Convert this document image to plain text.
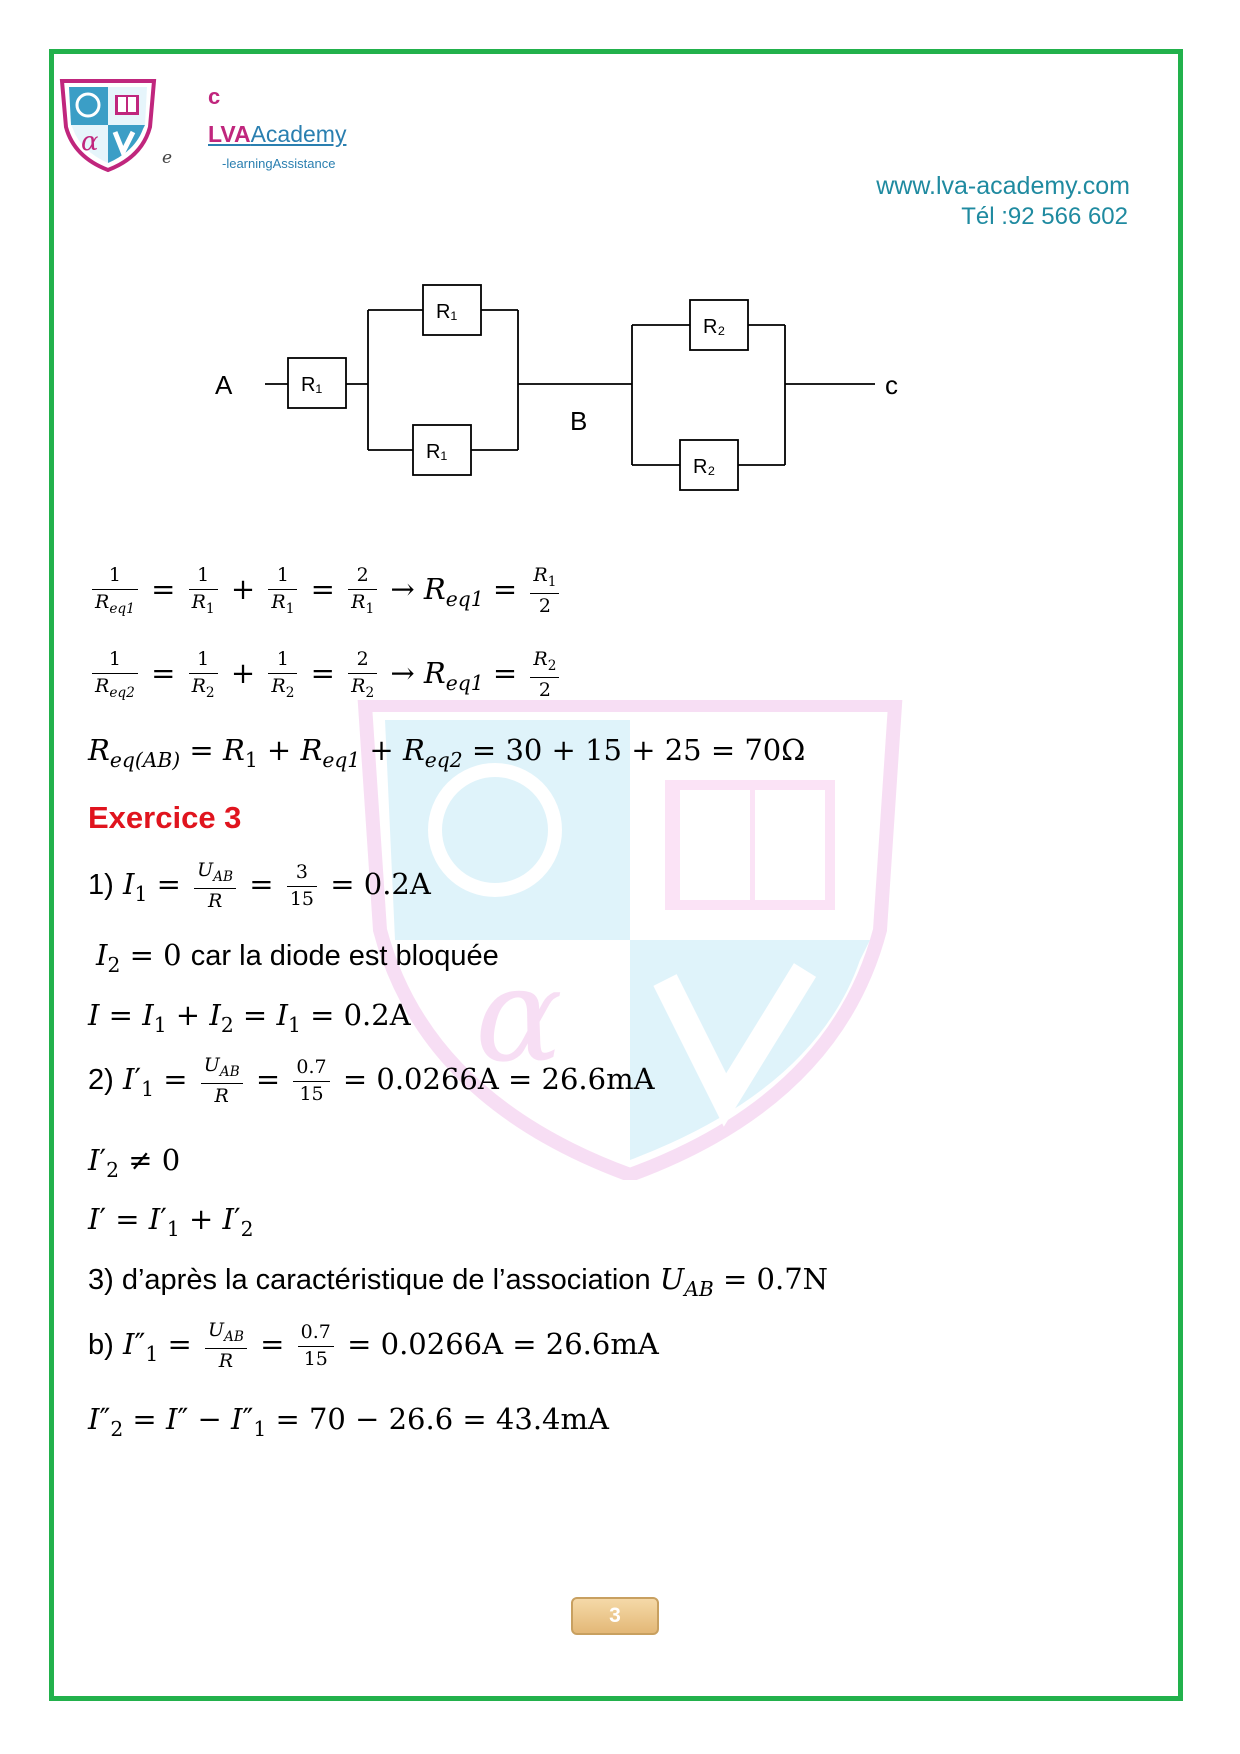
α
c
LVAAcademy
e	-learningAssistance
www.lva-academy.com
Tél :92 566 602
α
A
B
c
R₁
R₁
R₁
R₂
R₂
$\frac{1}{R_{eq1}} = \frac{1}{R_1} + \frac{1}{R_1} = \frac{2}{R_1} \to R_{eq1} = \frac{R_1}{2}$
$\frac{1}{R_{eq2}} = \frac{1}{R_2} + \frac{1}{R_2} = \frac{2}{R_2} \to R_{eq1} = \frac{R_2}{2}$
$R_{eq(AB)} = R_1 + R_{eq1} + R_{eq2} = 30 + 15 + 25 = 70\Omega$
Exercice 3
1) $I_1 = \frac{U_{AB}}{R} = \frac{3}{15} = 0.2A$
$I_2 = 0$ car la diode est bloquée
$I = I_1 + I_2 = I_1 = 0.2A$
2) $I'_1 = \frac{U_{AB}}{R} = \frac{0.7}{15} = 0.0266A = 26.6mA$
$I'_2 \ne 0$
$I' = I'_1 + I'_2$
3) d’après la caractéristique de l’association $U_{AB} = 0.7N$
b) $I''_1 = \frac{U_{AB}}{R} = \frac{0.7}{15} = 0.0266A = 26.6mA$
$I''_2 = I'' - I''_1 = 70 - 26.6 = 43.4mA$
3
